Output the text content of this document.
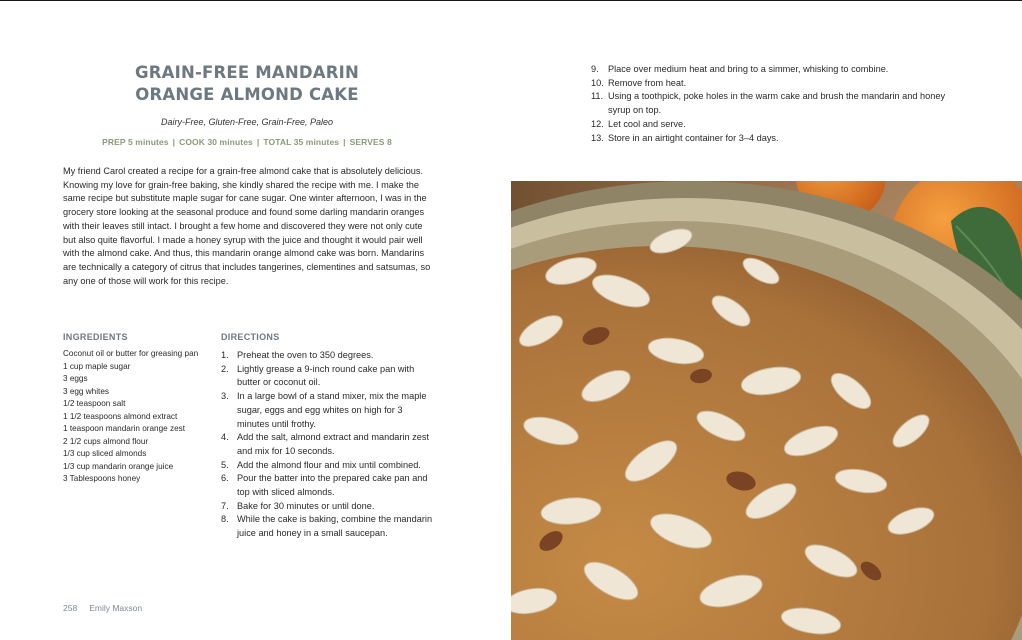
GRAIN-FREE MANDARIN
ORANGE ALMOND CAKE
Dairy-Free, Gluten-Free, Grain-Free, Paleo
PREP 5 minutes | COOK 30 minutes | TOTAL 35 minutes | SERVES 8

My friend Carol created a recipe for a grain-free almond cake that is absolutely delicious. Knowing my love for grain-free baking, she kindly shared the recipe with me. I make the same recipe but substitute maple sugar for cane sugar. One winter afternoon, I was in the grocery store looking at the seasonal produce and found some darling mandarin oranges with their leaves still intact. I brought a few home and discovered they were not only cute but also quite flavorful. I made a honey syrup with the juice and thought it would pair well with the almond cake. And thus, this mandarin orange almond cake was born. Mandarins are technically a category of citrus that includes tangerines, clementines and satsumas, so any one of those will work for this recipe.

INGREDIENTS
Coconut oil or butter for greasing pan
1 cup maple sugar
3 eggs
3 egg whites
1/2 teaspoon salt
1 1/2 teaspoons almond extract
1 teaspoon mandarin orange zest
2 1/2 cups almond flour
1/3 cup sliced almonds
1/3 cup mandarin orange juice
3 Tablespoons honey
DIRECTIONS
1. Preheat the oven to 350 degrees.
2. Lightly grease a 9-inch round cake pan with butter or coconut oil.
3. In a large bowl of a stand mixer, mix the maple sugar, eggs and egg whites on high for 3 minutes until frothy.
4. Add the salt, almond extract and mandarin zest and mix for 10 seconds.
5. Add the almond flour and mix until combined.
6. Pour the batter into the prepared cake pan and top with sliced almonds.
7. Bake for 30 minutes or until done.
8. While the cake is baking, combine the mandarin juice and honey in a small saucepan.
9.	Place over medium heat and bring to a simmer, whisking to combine.
10. Remove from heat.
11. Using a toothpick, poke holes in the warm cake and brush the mandarin and honey syrup on top.
12. Let cool and serve.
13. Store in an airtight container for 3–4 days.
258 Emily Maxson
